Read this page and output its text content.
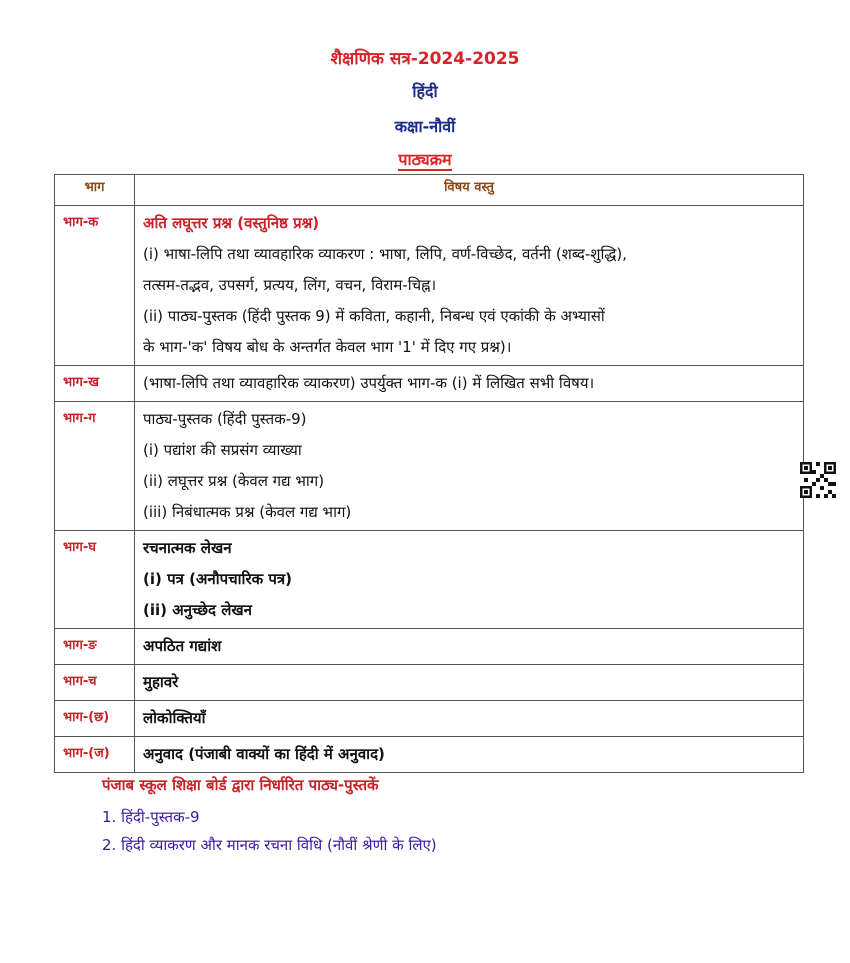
शैक्षणिक सत्र-2024-2025
हिंदी
कक्षा-नौवीं
पाठ्यक्रम
भाग	विषय वस्तु
भाग-क	अति लघूत्तर प्रश्न (वस्तुनिष्ठ प्रश्न)
(i) भाषा-लिपि तथा व्यावहारिक व्याकरण : भाषा, लिपि, वर्ण-विच्छेद, वर्तनी (शब्द-शुद्धि),
तत्सम-तद्भव, उपसर्ग, प्रत्यय, लिंग, वचन, विराम-चिह्न।
(ii) पाठ्य-पुस्तक (हिंदी पुस्तक 9) में कविता, कहानी, निबन्ध एवं एकांकी के अभ्यासों
के भाग-'क' विषय बोध के अन्तर्गत केवल भाग '1' में दिए गए प्रश्न)।

भाग-ख	(भाषा-लिपि तथा व्यावहारिक व्याकरण) उपर्युक्त भाग-क (i) में लिखित सभी विषय।

भाग-ग	पाठ्य-पुस्तक (हिंदी पुस्तक-9)
(i) पद्यांश की सप्रसंग व्याख्या
(ii) लघूत्तर प्रश्न (केवल गद्य भाग)
(iii) निबंधात्मक प्रश्न (केवल गद्य भाग)

भाग-घ	रचनात्मक लेखन
(i) पत्र (अनौपचारिक पत्र)
(ii) अनुच्छेद लेखन

भाग-ङ	अपठित गद्यांश

भाग-च	मुहावरे

भाग-(छ)	लोकोक्तियाँ

भाग-(ज)	अनुवाद (पंजाबी वाक्यों का हिंदी में अनुवाद)
पंजाब स्कूल शिक्षा बोर्ड द्वारा निर्धारित पाठ्य-पुस्तकें
1. हिंदी-पुस्तक-9
2. हिंदी व्याकरण और मानक रचना विधि (नौवीं श्रेणी के लिए)
